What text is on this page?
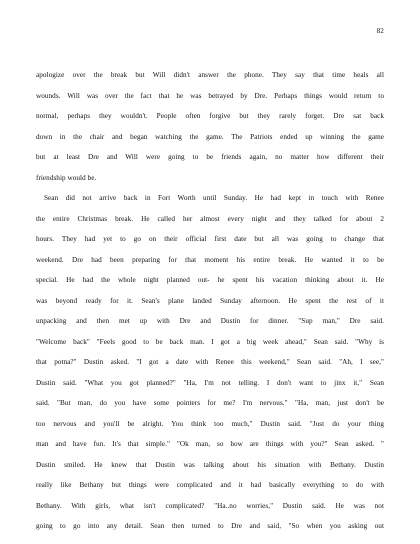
82
apologize over the break but Will didn't answer the phone. They say that time heals all
wounds. Will was over the fact that he was betrayed by Dre. Perhaps things would return to
normal, perhaps they wouldn't. People often forgive but they rarely forget. Dre sat back
down in the chair and began watching the game. The Patriots ended up winning the game
but at least Dre and Will were going to be friends again, no matter how different their
friendship would be.
Sean did not arrive back in Fort Worth until Sunday. He had kept in touch with Renee
the entire Christmas break. He called her almost every night and they talked for about 2
hours. They had yet to go on their official first date but all was going to change that
weekend. Dre had been preparing for that moment his entire break. He wanted it to be
special. He had the whole night planned out- he spent his vacation thinking about it. He
was beyond ready for it. Sean's plane landed Sunday afternoon. He spent the rest of it
unpacking and then met up with Dre and Dustin for dinner. "Sup man," Dre said.
"Welcome back" "Feels good to be back man. I got a big week ahead," Sean said. "Why is
that potna?" Dustin asked. "I got a date with Renee this weekend," Sean said. "Ah, I see,"
Dustin said. "What you got planned?" "Ha, I'm not telling. I don't want to jinx it," Sean
said. "But man, do you have some pointers for me? I'm nervous." "Ha, man, just don't be
too nervous and you'll be alright. You think too much," Dustin said. "Just do your thing
man and have fun. It's that simple." "Ok man, so how are things with you?" Sean asked. "
Dustin smiled. He knew that Dustin was talking about his situation with Bethany. Dustin
really like Bethany but things were complicated and it had basically everything to do with
Bethany. With girls, what isn't complicated? "Ha..no worries," Dustin said. He was not
going to go into any detail. Sean then turned to Dre and said, "So when you asking out
